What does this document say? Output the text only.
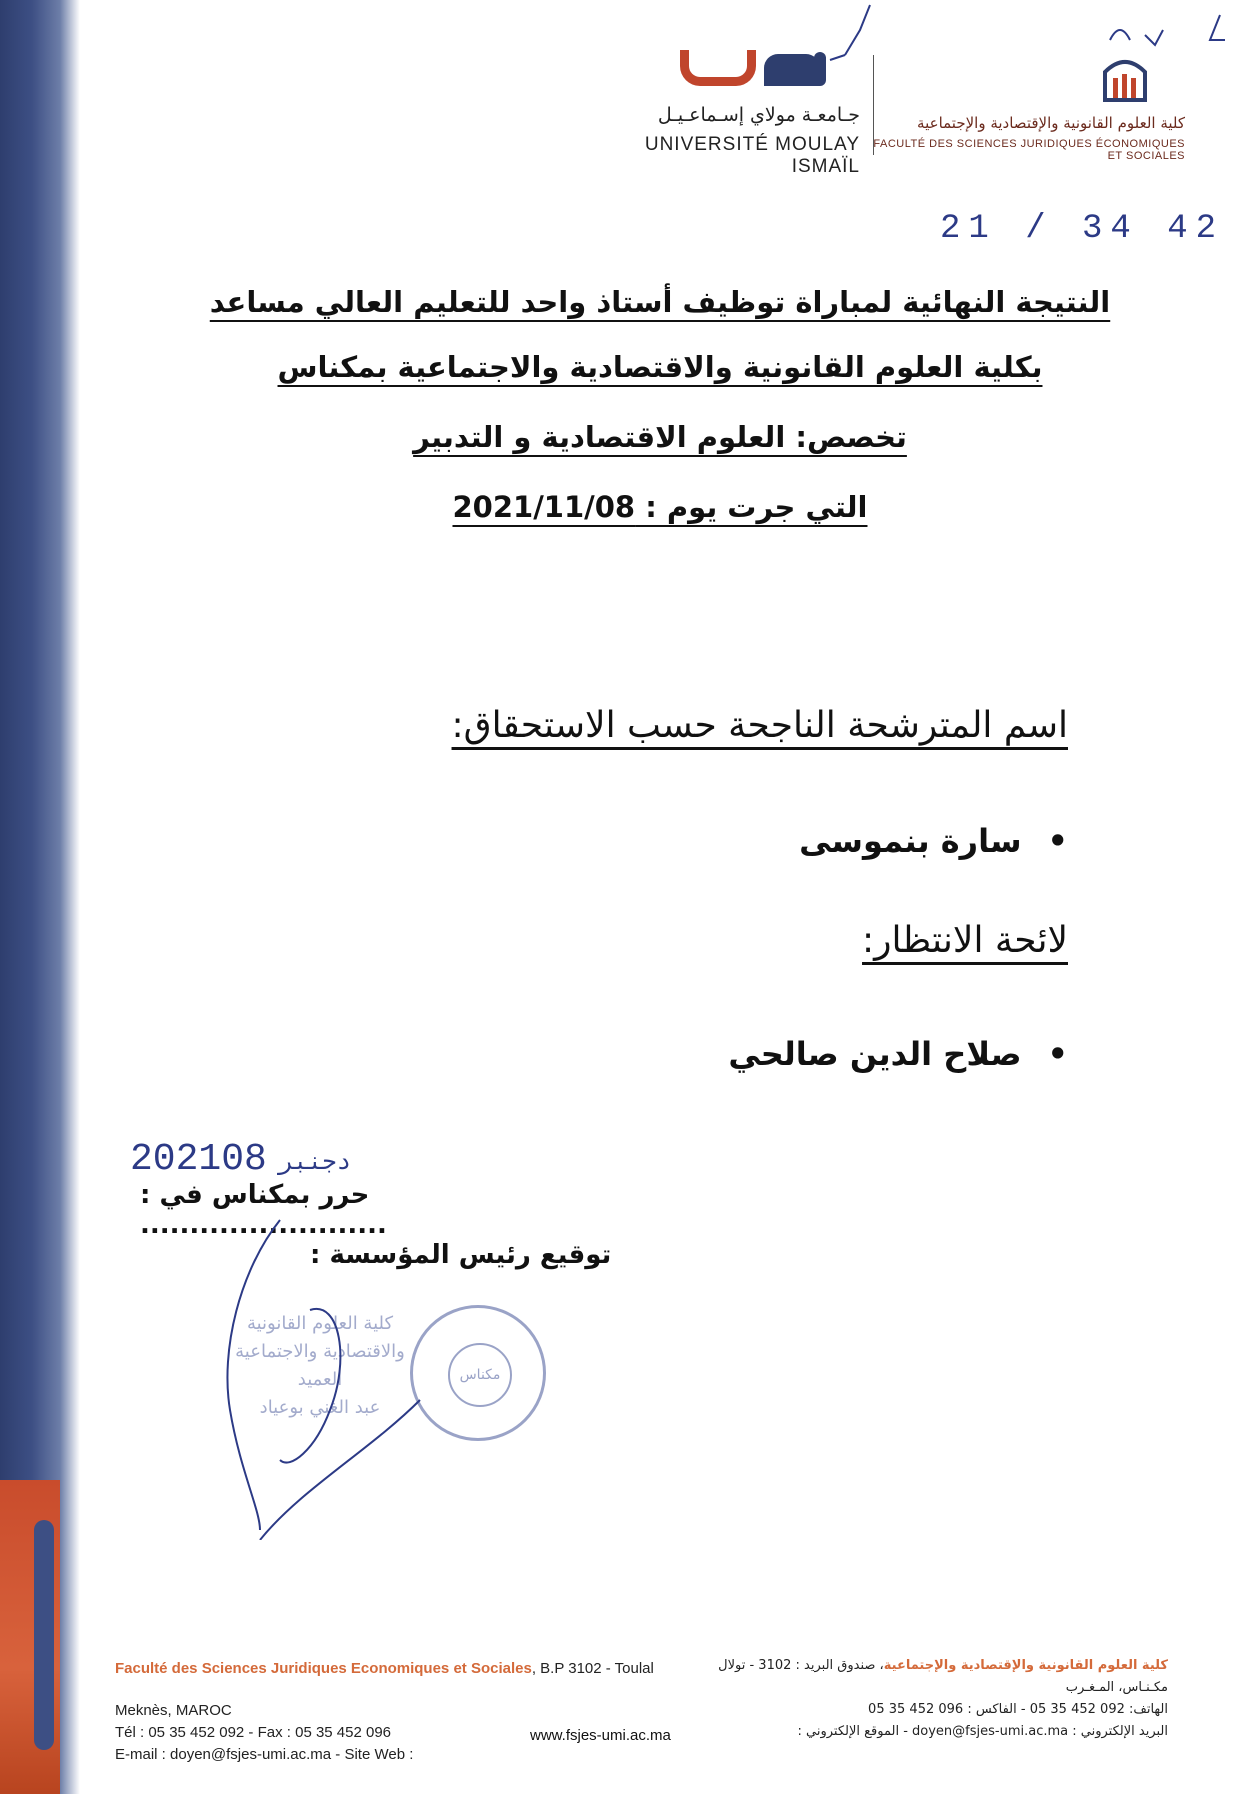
جـامعـة مولاي إسـماعـيـل
UNIVERSITÉ MOULAY ISMAÏL
كلية العلوم القانونية والإقتصادية والإجتماعية
FACULTÉ DES SCIENCES JURIDIQUES ÉCONOMIQUES ET SOCIALES
21 / 34 42
النتيجة النهائية لمباراة توظيف أستاذ واحد للتعليم العالي مساعد
بكلية العلوم القانونية والاقتصادية والاجتماعية بمكناس
تخصص: العلوم الاقتصادية و التدبير
التي جرت يوم : 2021/11/08
اسم المترشحة الناجحة حسب الاستحقاق:
•سارة بنموسى
لائحة الانتظار:
•صلاح الدين صالحي
2021 دجنبر08
حرر بمكناس في : .........................
توقيع رئيس المؤسسة :
كلية العلوم القانونية
والاقتصادية والاجتماعية
العميد
عبد الغني بوعياد
مكناس
Faculté des Sciences Juridiques Economiques et Sociales, B.P 3102 - Toulal
Meknès, MAROC
Tél : 05 35 452 092 - Fax : 05 35 452 096
E-mail : doyen@fsjes-umi.ac.ma - Site Web :
www.fsjes-umi.ac.ma
كلية العلوم القانونية والإقتصادية والإجتماعية، صندوق البريد : 3102 - تولال
مكـنـاس، المـغـرب
الهاتف: 092 452 35 05 - الفاكس : 096 452 35 05
البريد الإلكتروني : doyen@fsjes-umi.ac.ma - الموقع الإلكتروني :
